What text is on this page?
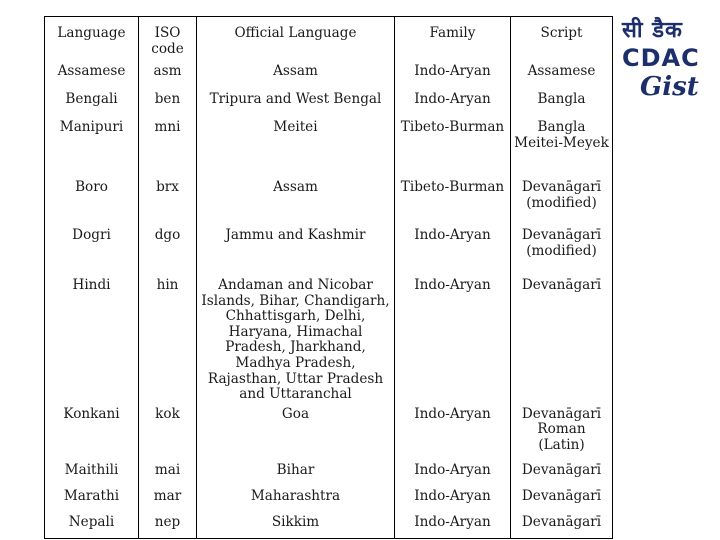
सी डैक
CDAC
Gist
Language	ISO code	Official Language	Family	Script
Assamese	asm	Assam	Indo-Aryan	Assamese
Bengali	ben	Tripura and West Bengal	Indo-Aryan	Bangla
Manipuri	mni	Meitei	Tibeto-Burman	Bangla Meitei-Meyek
Boro	brx	Assam	Tibeto-Burman	Devanāgarī (modified)
Dogri	dgo	Jammu and Kashmir	Indo-Aryan	Devanāgarī (modified)
Hindi	hin	Andaman and Nicobar Islands, Bihar, Chandigarh, Chhattisgarh, Delhi, Haryana, Himachal Pradesh, Jharkhand, Madhya Pradesh, Rajasthan, Uttar Pradesh and Uttaranchal	Indo-Aryan	Devanāgarī
Konkani	kok	Goa	Indo-Aryan	Devanāgarī Roman (Latin)
Maithili	mai	Bihar	Indo-Aryan	Devanāgarī
Marathi	mar	Maharashtra	Indo-Aryan	Devanāgarī
Nepali	nep	Sikkim	Indo-Aryan	Devanāgarī
